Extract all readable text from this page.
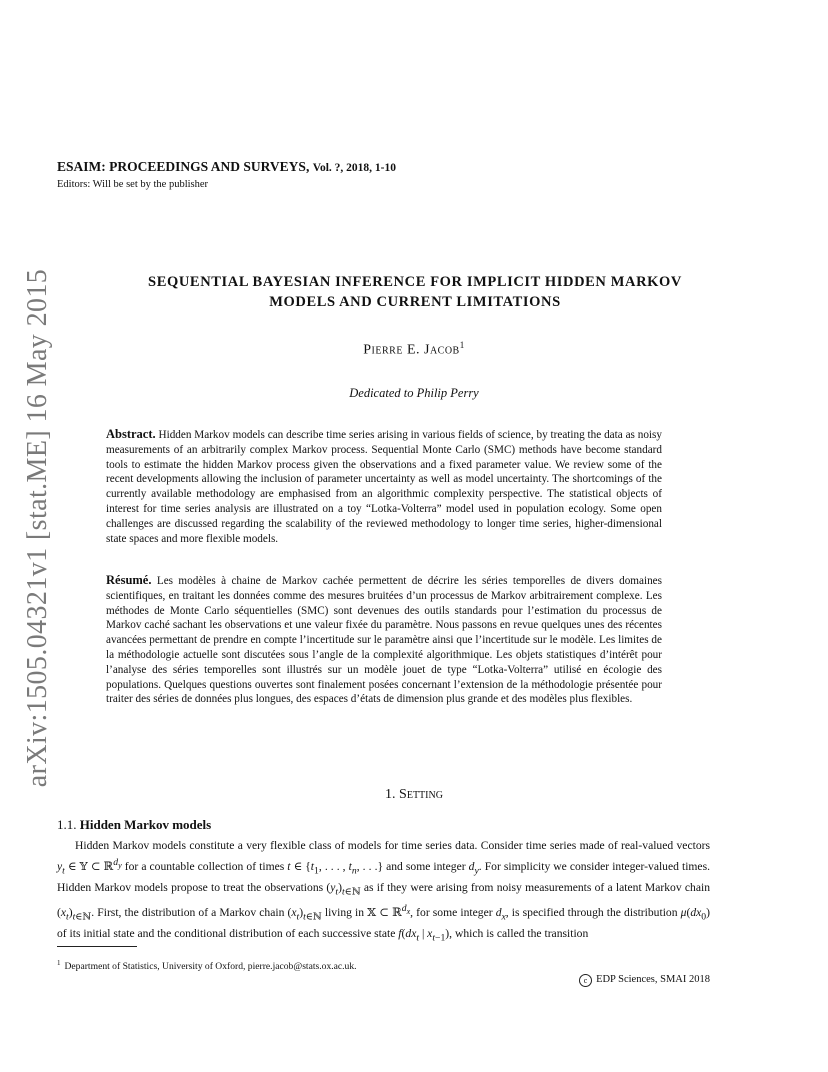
ESAIM: PROCEEDINGS AND SURVEYS, Vol. ?, 2018, 1-10
Editors: Will be set by the publisher
arXiv:1505.04321v1 [stat.ME] 16 May 2015	SEQUENTIAL BAYESIAN INFERENCE FOR IMPLICIT HIDDEN MARKOV
MODELS AND CURRENT LIMITATIONS
Pierre E. Jacob$^1$
Dedicated to Philip Perry
Abstract. Hidden Markov models can describe time series arising in various fields of science, by treating the data as noisy measurements of an arbitrarily complex Markov process. Sequential Monte Carlo (SMC) methods have become standard tools to estimate the hidden Markov process given the observations and a fixed parameter value. We review some of the recent developments allowing the inclusion of parameter uncertainty as well as model uncertainty. The shortcomings of the currently available methodology are emphasised from an algorithmic complexity perspective. The statistical objects of interest for time series analysis are illustrated on a toy “Lotka-Volterra” model used in population ecology. Some open challenges are discussed regarding the scalability of the reviewed methodology to longer time series, higher-dimensional state spaces and more flexible models.
Résumé. Les modèles à chaine de Markov cachée permettent de décrire les séries temporelles de divers domaines scientifiques, en traitant les données comme des mesures bruitées d’un processus de Markov arbitrairement complexe. Les méthodes de Monte Carlo séquentielles (SMC) sont devenues des outils standards pour l’estimation du processus de Markov caché sachant les observations et une valeur fixée du paramètre. Nous passons en revue quelques unes des récentes avancées permettant de prendre en compte l’incertitude sur le paramètre ainsi que l’incertitude sur le modèle. Les limites de la méthodologie actuelle sont discutées sous l’angle de la complexité algorithmique. Les objets statistiques d’intérêt pour l’analyse des séries temporelles sont illustrés sur un modèle jouet de type “Lotka-Volterra” utilisé en écologie des populations. Quelques questions ouvertes sont finalement posées concernant l’extension de la méthodologie présentée pour traiter des séries de données plus longues, des espaces d’états de dimension plus grande et des modèles plus flexibles.
1. Setting
1.1. Hidden Markov models
Hidden Markov models constitute a very flexible class of models for time series data. Consider time series made of real-valued vectors $y_t$ ∈ 𝕐 ⊂ ℝ$^{d_y}$ for a countable collection of times t ∈ {$t_1$, . . . , $t_n$, . . .} and some integer $d_y$. For simplicity we consider integer-valued times. Hidden Markov models propose to treat the observations $(y_t)_{t\in ℕ}$ as if they were arising from noisy measurements of a latent Markov chain $(x_t)_{t\in ℕ}$. First, the distribution of a Markov chain $(x_t)_{t\in ℕ}$ living in 𝕏 ⊂ ℝ$^{d_x}$, for some integer $d_x$, is specified through the distribution $\mu(dx_0)$ of its initial state and the conditional distribution of each successive state $f(dx_t$ | $x_{t-1}$), which is called the transition
$^1$ Department of Statistics, University of Oxford, pierre.jacob@stats.ox.ac.uk.
c EDP Sciences, SMAI 2018
